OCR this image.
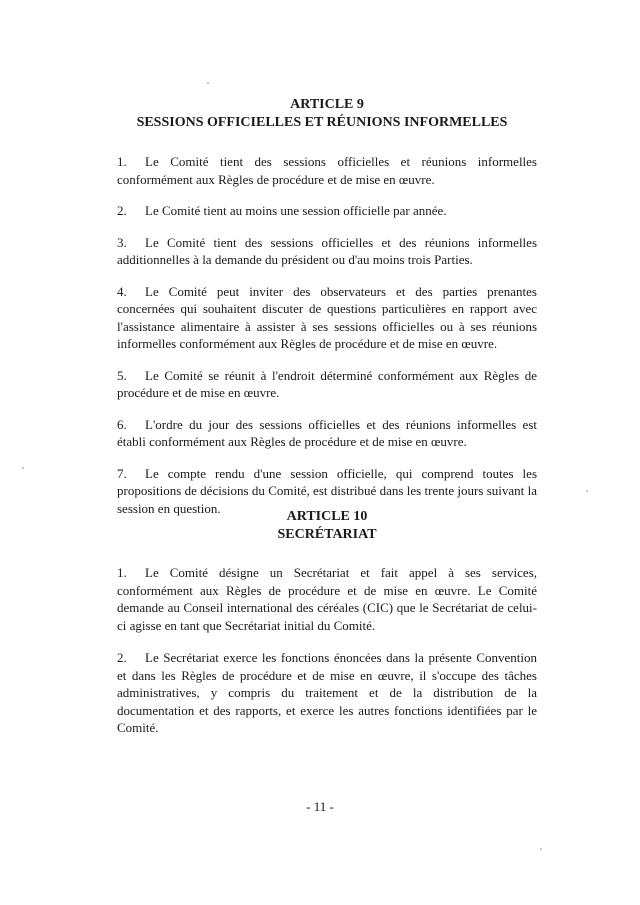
ARTICLE 9
SESSIONS OFFICIELLES ET RÉUNIONS INFORMELLES

1. Le Comité tient des sessions officielles et réunions informelles conformément aux Règles de procédure et de mise en œuvre.

2. Le Comité tient au moins une session officielle par année.

3. Le Comité tient des sessions officielles et des réunions informelles additionnelles à la demande du président ou d'au moins trois Parties.

4. Le Comité peut inviter des observateurs et des parties prenantes concernées qui souhaitent discuter de questions particulières en rapport avec l'assistance alimentaire à assister à ses sessions officielles ou à ses réunions informelles conformément aux Règles de procédure et de mise en œuvre.

5. Le Comité se réunit à l'endroit déterminé conformément aux Règles de procédure et de mise en œuvre.

6. L'ordre du jour des sessions officielles et des réunions informelles est établi conformément aux Règles de procédure et de mise en œuvre.

7. Le compte rendu d'une session officielle, qui comprend toutes les propositions de décisions du Comité, est distribué dans les trente jours suivant la session en question.

ARTICLE 10
SECRÉTARIAT

1. Le Comité désigne un Secrétariat et fait appel à ses services, conformément aux Règles de procédure et de mise en œuvre. Le Comité demande au Conseil international des céréales (CIC) que le Secrétariat de celui-ci agisse en tant que Secrétariat initial du Comité.

2. Le Secrétariat exerce les fonctions énoncées dans la présente Convention et dans les Règles de procédure et de mise en œuvre, il s'occupe des tâches administratives, y compris du traitement et de la distribution de la documentation et des rapports, et exerce les autres fonctions identifiées par le Comité.

- 11 -
